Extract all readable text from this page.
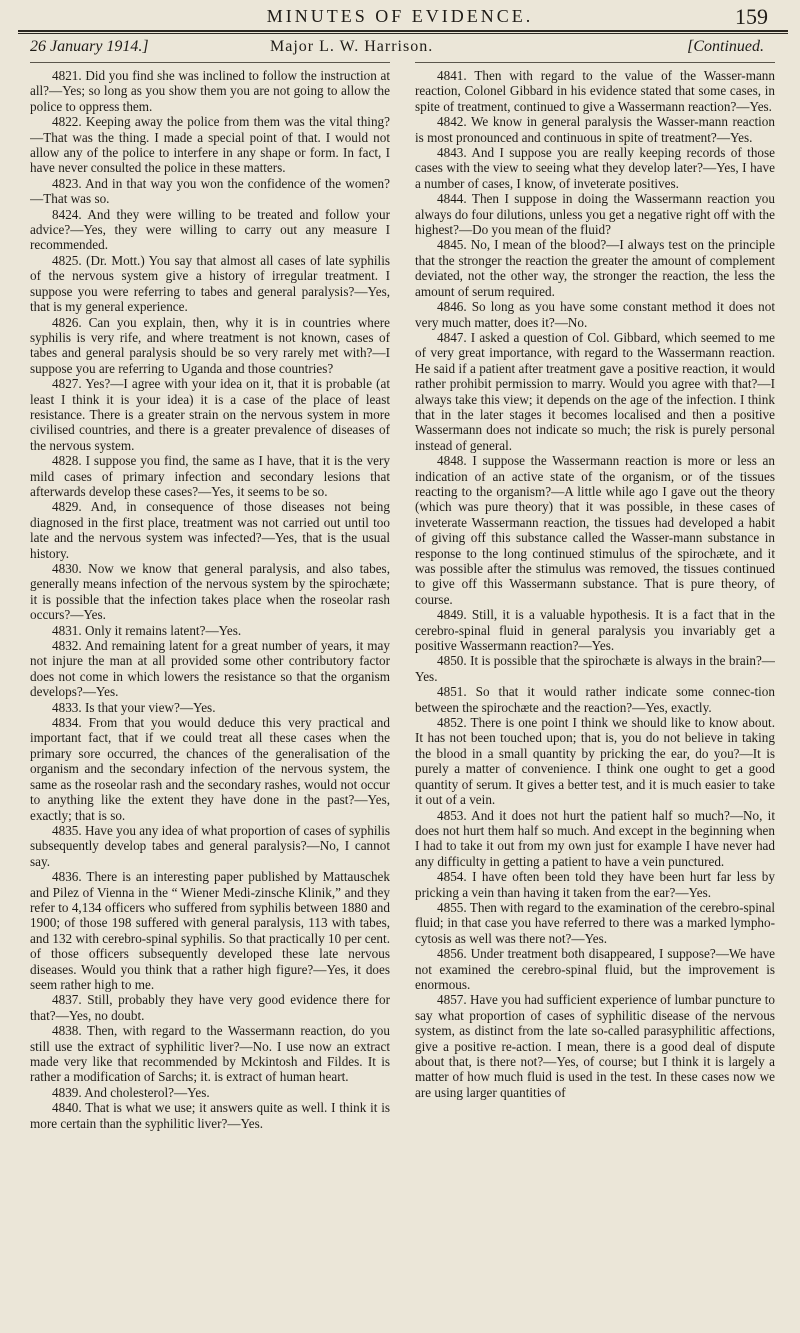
MINUTES OF EVIDENCE.	159
26 January 1914.]	Major L. W. Harrison.	[Continued.

4821. Did you find she was inclined to follow the instruction at all?—Yes; so long as you show them you are not going to allow the police to oppress them.

4822. Keeping away the police from them was the vital thing?—That was the thing. I made a special point of that. I would not allow any of the police to interfere in any shape or form. In fact, I have never consulted the police in these matters.

4823. And in that way you won the confidence of the women?—That was so.

8424. And they were willing to be treated and follow your advice?—Yes, they were willing to carry out any measure I recommended.

4825. (Dr. Mott.) You say that almost all cases of late syphilis of the nervous system give a history of irregular treatment. I suppose you were referring to tabes and general paralysis?—Yes, that is my general experience.

4826. Can you explain, then, why it is in countries where syphilis is very rife, and where treatment is not known, cases of tabes and general paralysis should be so very rarely met with?—I suppose you are referring to Uganda and those countries?

4827. Yes?—I agree with your idea on it, that it is probable (at least I think it is your idea) it is a case of the place of least resistance. There is a greater strain on the nervous system in more civilised countries, and there is a greater prevalence of diseases of the nervous system.

4828. I suppose you find, the same as I have, that it is the very mild cases of primary infection and secondary lesions that afterwards develop these cases?—Yes, it seems to be so.

4829. And, in consequence of those diseases not being diagnosed in the first place, treatment was not carried out until too late and the nervous system was infected?—Yes, that is the usual history.

4830. Now we know that general paralysis, and also tabes, generally means infection of the nervous system by the spirochæte; it is possible that the infection takes place when the roseolar rash occurs?—Yes.

4831. Only it remains latent?—Yes.

4832. And remaining latent for a great number of years, it may not injure the man at all provided some other contributory factor does not come in which lowers the resistance so that the organism develops?—Yes.

4833. Is that your view?—Yes.

4834. From that you would deduce this very practical and important fact, that if we could treat all these cases when the primary sore occurred, the chances of the generalisation of the organism and the secondary infection of the nervous system, the same as the roseolar rash and the secondary rashes, would not occur to anything like the extent they have done in the past?—Yes, exactly; that is so.

4835. Have you any idea of what proportion of cases of syphilis subsequently develop tabes and general paralysis?—No, I cannot say.

4836. There is an interesting paper published by Mattauschek and Pilez of Vienna in the “ Wiener Medi-zinsche Klinik,” and they refer to 4,134 officers who suffered from syphilis between 1880 and 1900; of those 198 suffered with general paralysis, 113 with tabes, and 132 with cerebro-spinal syphilis. So that practically 10 per cent. of those officers subsequently developed these late nervous diseases. Would you think that a rather high figure?—Yes, it does seem rather high to me.

4837. Still, probably they have very good evidence there for that?—Yes, no doubt.

4838. Then, with regard to the Wassermann reaction, do you still use the extract of syphilitic liver?—No. I use now an extract made very like that recommended by Mckintosh and Fildes. It is rather a modification of Sarchs; it. is extract of human heart.

4839. And cholesterol?—Yes.

4840. That is what we use; it answers quite as well. I think it is more certain than the syphilitic liver?—Yes.

4841. Then with regard to the value of the Wasser-mann reaction, Colonel Gibbard in his evidence stated that some cases, in spite of treatment, continued to give a Wassermann reaction?—Yes.

4842. We know in general paralysis the Wasser-mann reaction is most pronounced and continuous in spite of treatment?—Yes.

4843. And I suppose you are really keeping records of those cases with the view to seeing what they develop later?—Yes, I have a number of cases, I know, of inveterate positives.

4844. Then I suppose in doing the Wassermann reaction you always do four dilutions, unless you get a negative right off with the highest?—Do you mean of the fluid?

4845. No, I mean of the blood?—I always test on the principle that the stronger the reaction the greater the amount of complement deviated, not the other way, the stronger the reaction, the less the amount of serum required.

4846. So long as you have some constant method it does not very much matter, does it?—No.

4847. I asked a question of Col. Gibbard, which seemed to me of very great importance, with regard to the Wassermann reaction. He said if a patient after treatment gave a positive reaction, it would rather prohibit permission to marry. Would you agree with that?—I always take this view; it depends on the age of the infection. I think that in the later stages it becomes localised and then a positive Wassermann does not indicate so much; the risk is purely personal instead of general.

4848. I suppose the Wassermann reaction is more or less an indication of an active state of the organism, or of the tissues reacting to the organism?—A little while ago I gave out the theory (which was pure theory) that it was possible, in these cases of inveterate Wassermann reaction, the tissues had developed a habit of giving off this substance called the Wasser-mann substance in response to the long continued stimulus of the spirochæte, and it was possible after the stimulus was removed, the tissues continued to give off this Wassermann substance. That is pure theory, of course.

4849. Still, it is a valuable hypothesis. It is a fact that in the cerebro-spinal fluid in general paralysis you invariably get a positive Wassermann reaction?—Yes.

4850. It is possible that the spirochæte is always in the brain?—Yes.

4851. So that it would rather indicate some connec-tion between the spirochæte and the reaction?—Yes, exactly.

4852. There is one point I think we should like to know about. It has not been touched upon; that is, you do not believe in taking the blood in a small quantity by pricking the ear, do you?—It is purely a matter of convenience. I think one ought to get a good quantity of serum. It gives a better test, and it is much easier to take it out of a vein.

4853. And it does not hurt the patient half so much?—No, it does not hurt them half so much. And except in the beginning when I had to take it out from my own just for example I have never had any difficulty in getting a patient to have a vein punctured.

4854. I have often been told they have been hurt far less by pricking a vein than having it taken from the ear?—Yes.

4855. Then with regard to the examination of the cerebro-spinal fluid; in that case you have referred to there was a marked lympho-cytosis as well was there not?—Yes.

4856. Under treatment both disappeared, I suppose?—We have not examined the cerebro-spinal fluid, but the improvement is enormous.

4857. Have you had sufficient experience of lumbar puncture to say what proportion of cases of syphilitic disease of the nervous system, as distinct from the late so-called parasyphilitic affections, give a positive re-action. I mean, there is a good deal of dispute about that, is there not?—Yes, of course; but I think it is largely a matter of how much fluid is used in the test. In these cases now we are using larger quantities of
